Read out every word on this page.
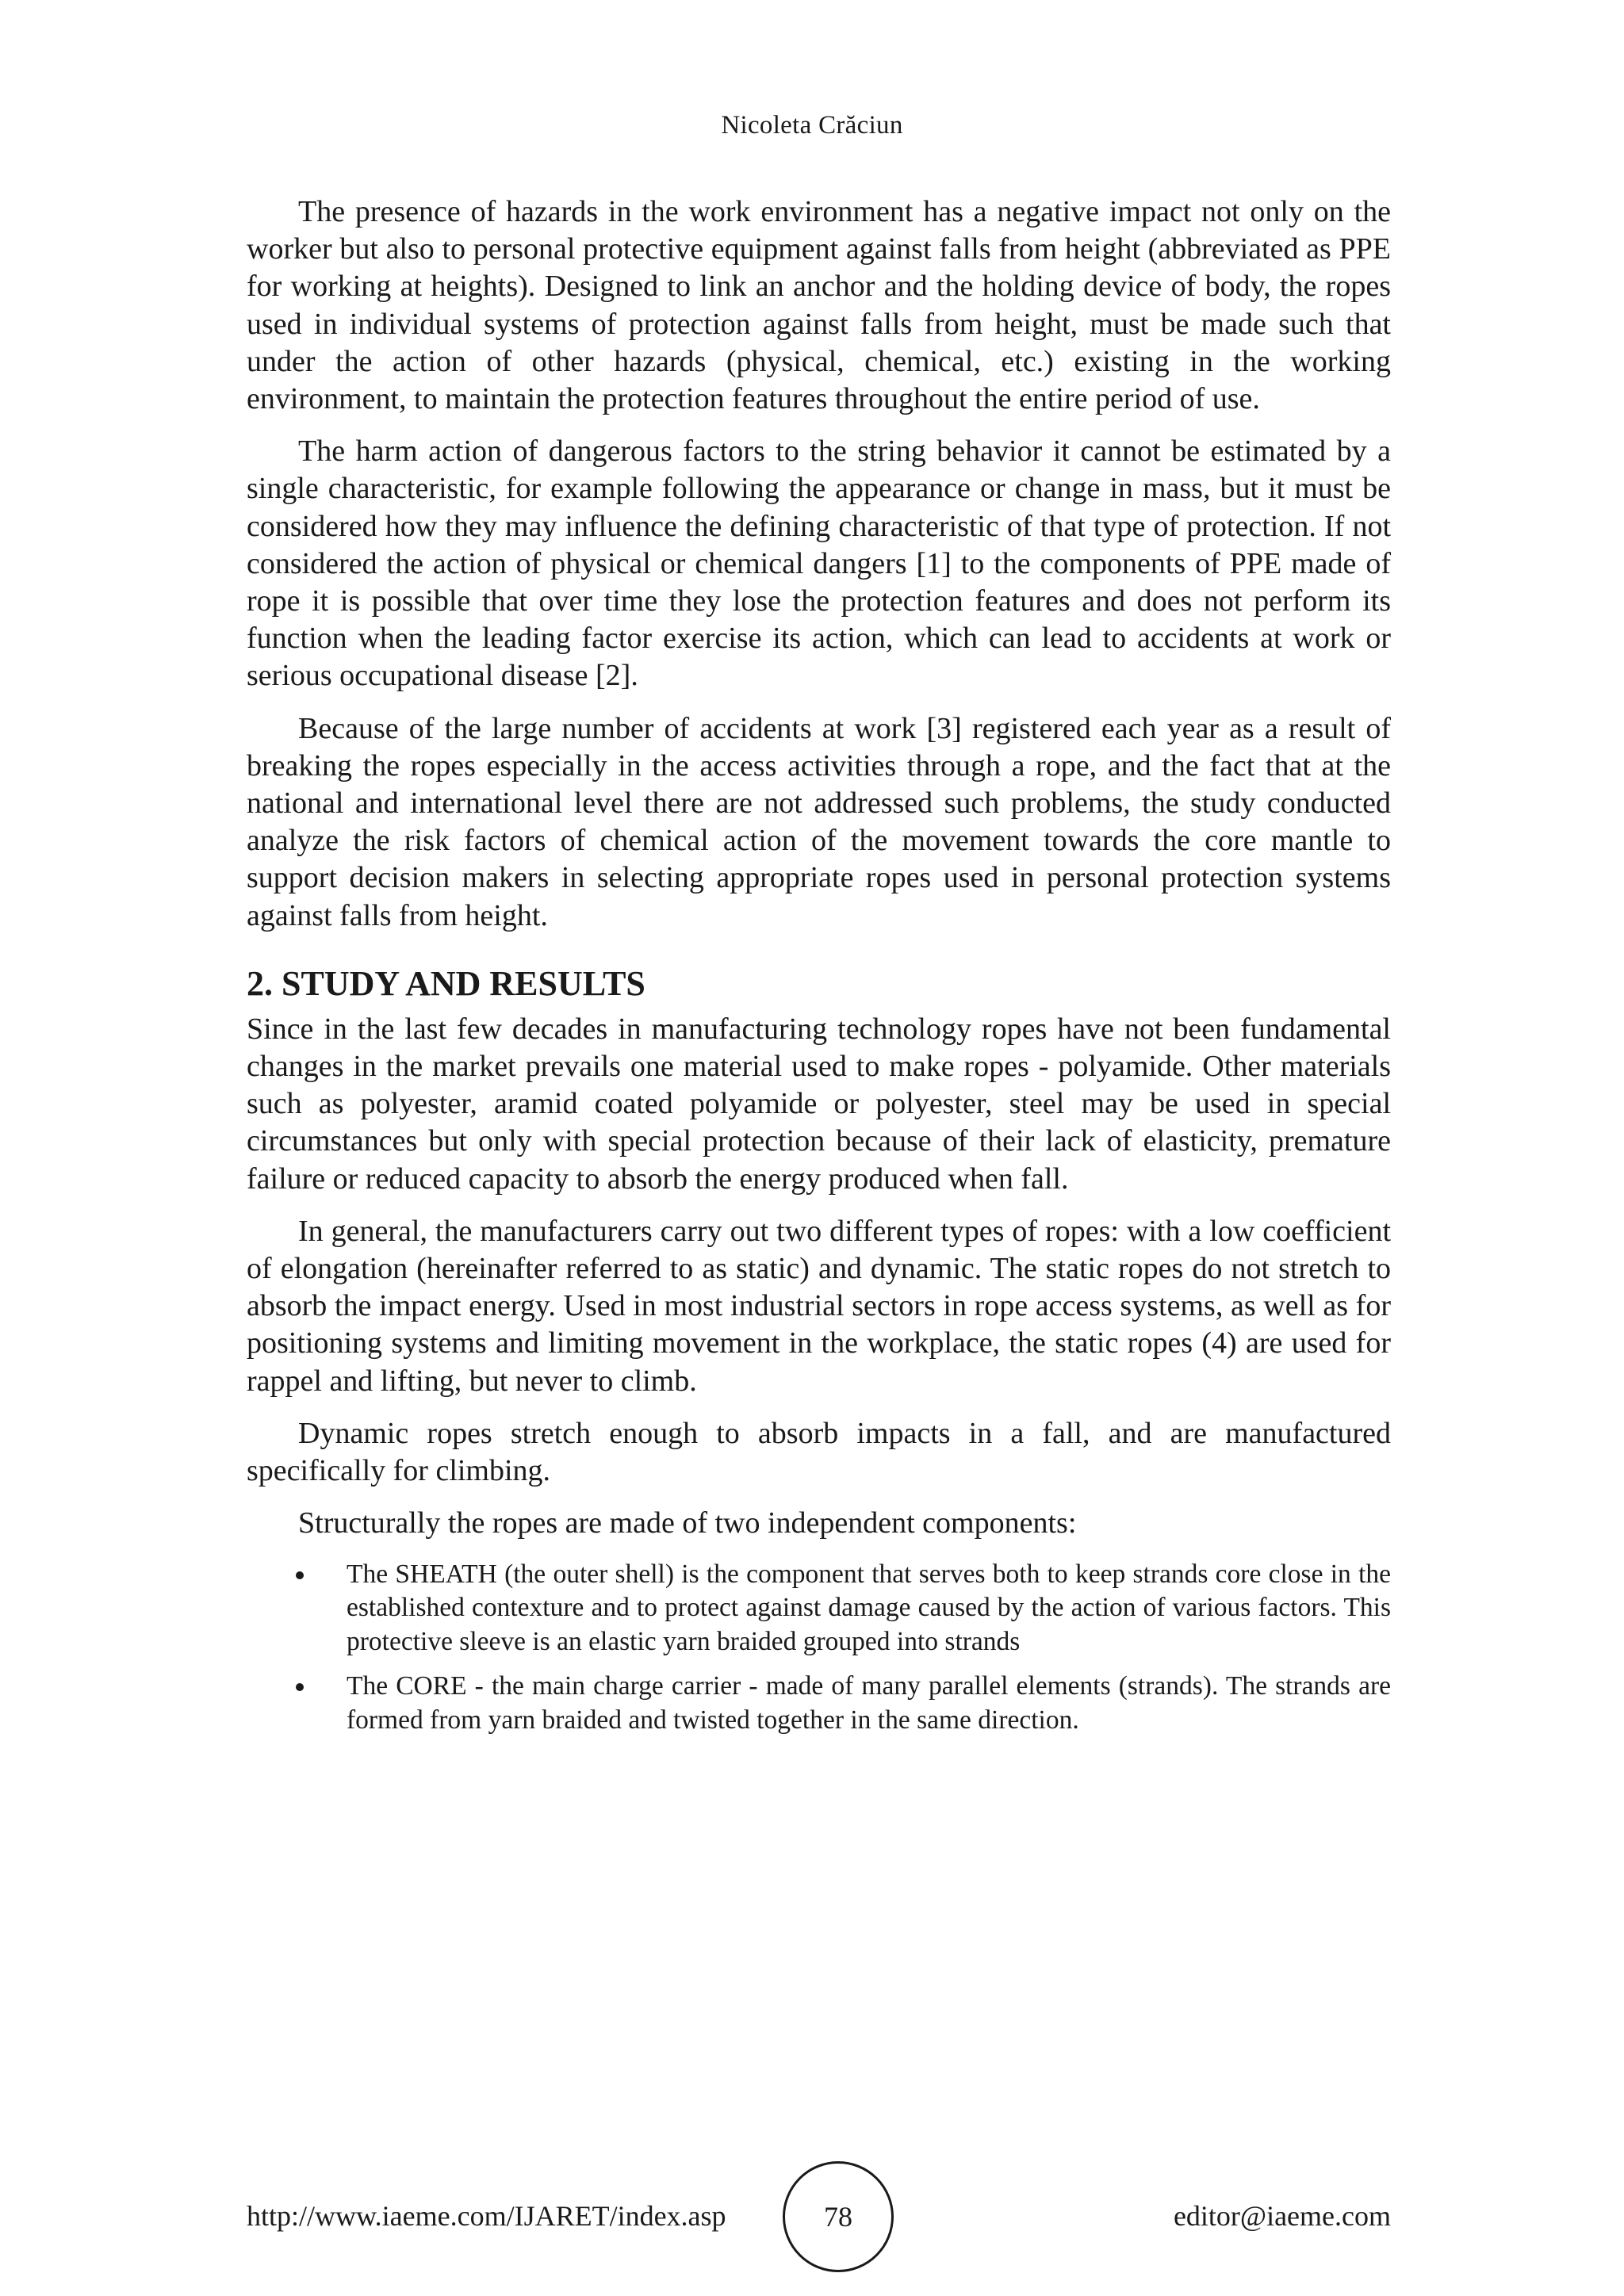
Nicoleta Crăciun

The presence of hazards in the work environment has a negative impact not only on the worker but also to personal protective equipment against falls from height (abbreviated as PPE for working at heights). Designed to link an anchor and the holding device of body, the ropes used in individual systems of protection against falls from height, must be made such that under the action of other hazards (physical, chemical, etc.) existing in the working environment, to maintain the protection features throughout the entire period of use.

The harm action of dangerous factors to the string behavior it cannot be estimated by a single characteristic, for example following the appearance or change in mass, but it must be considered how they may influence the defining characteristic of that type of protection. If not considered the action of physical or chemical dangers [1] to the components of PPE made of rope it is possible that over time they lose the protection features and does not perform its function when the leading factor exercise its action, which can lead to accidents at work or serious occupational disease [2].

Because of the large number of accidents at work [3] registered each year as a result of breaking the ropes especially in the access activities through a rope, and the fact that at the national and international level there are not addressed such problems, the study conducted analyze the risk factors of chemical action of the movement towards the core mantle to support decision makers in selecting appropriate ropes used in personal protection systems against falls from height.

2. STUDY AND RESULTS

Since in the last few decades in manufacturing technology ropes have not been fundamental changes in the market prevails one material used to make ropes - polyamide. Other materials such as polyester, aramid coated polyamide or polyester, steel may be used in special circumstances but only with special protection because of their lack of elasticity, premature failure or reduced capacity to absorb the energy produced when fall.

In general, the manufacturers carry out two different types of ropes: with a low coefficient of elongation (hereinafter referred to as static) and dynamic. The static ropes do not stretch to absorb the impact energy. Used in most industrial sectors in rope access systems, as well as for positioning systems and limiting movement in the workplace, the static ropes (4) are used for rappel and lifting, but never to climb.

Dynamic ropes stretch enough to absorb impacts in a fall, and are manufactured specifically for climbing.

Structurally the ropes are made of two independent components:

The SHEATH (the outer shell) is the component that serves both to keep strands core close in the established contexture and to protect against damage caused by the action of various factors. This protective sleeve is an elastic yarn braided grouped into strands
The CORE - the main charge carrier - made of many parallel elements (strands). The strands are formed from yarn braided and twisted together in the same direction.
http://www.iaeme.com/IJARET/index.asp	78	editor@iaeme.com
